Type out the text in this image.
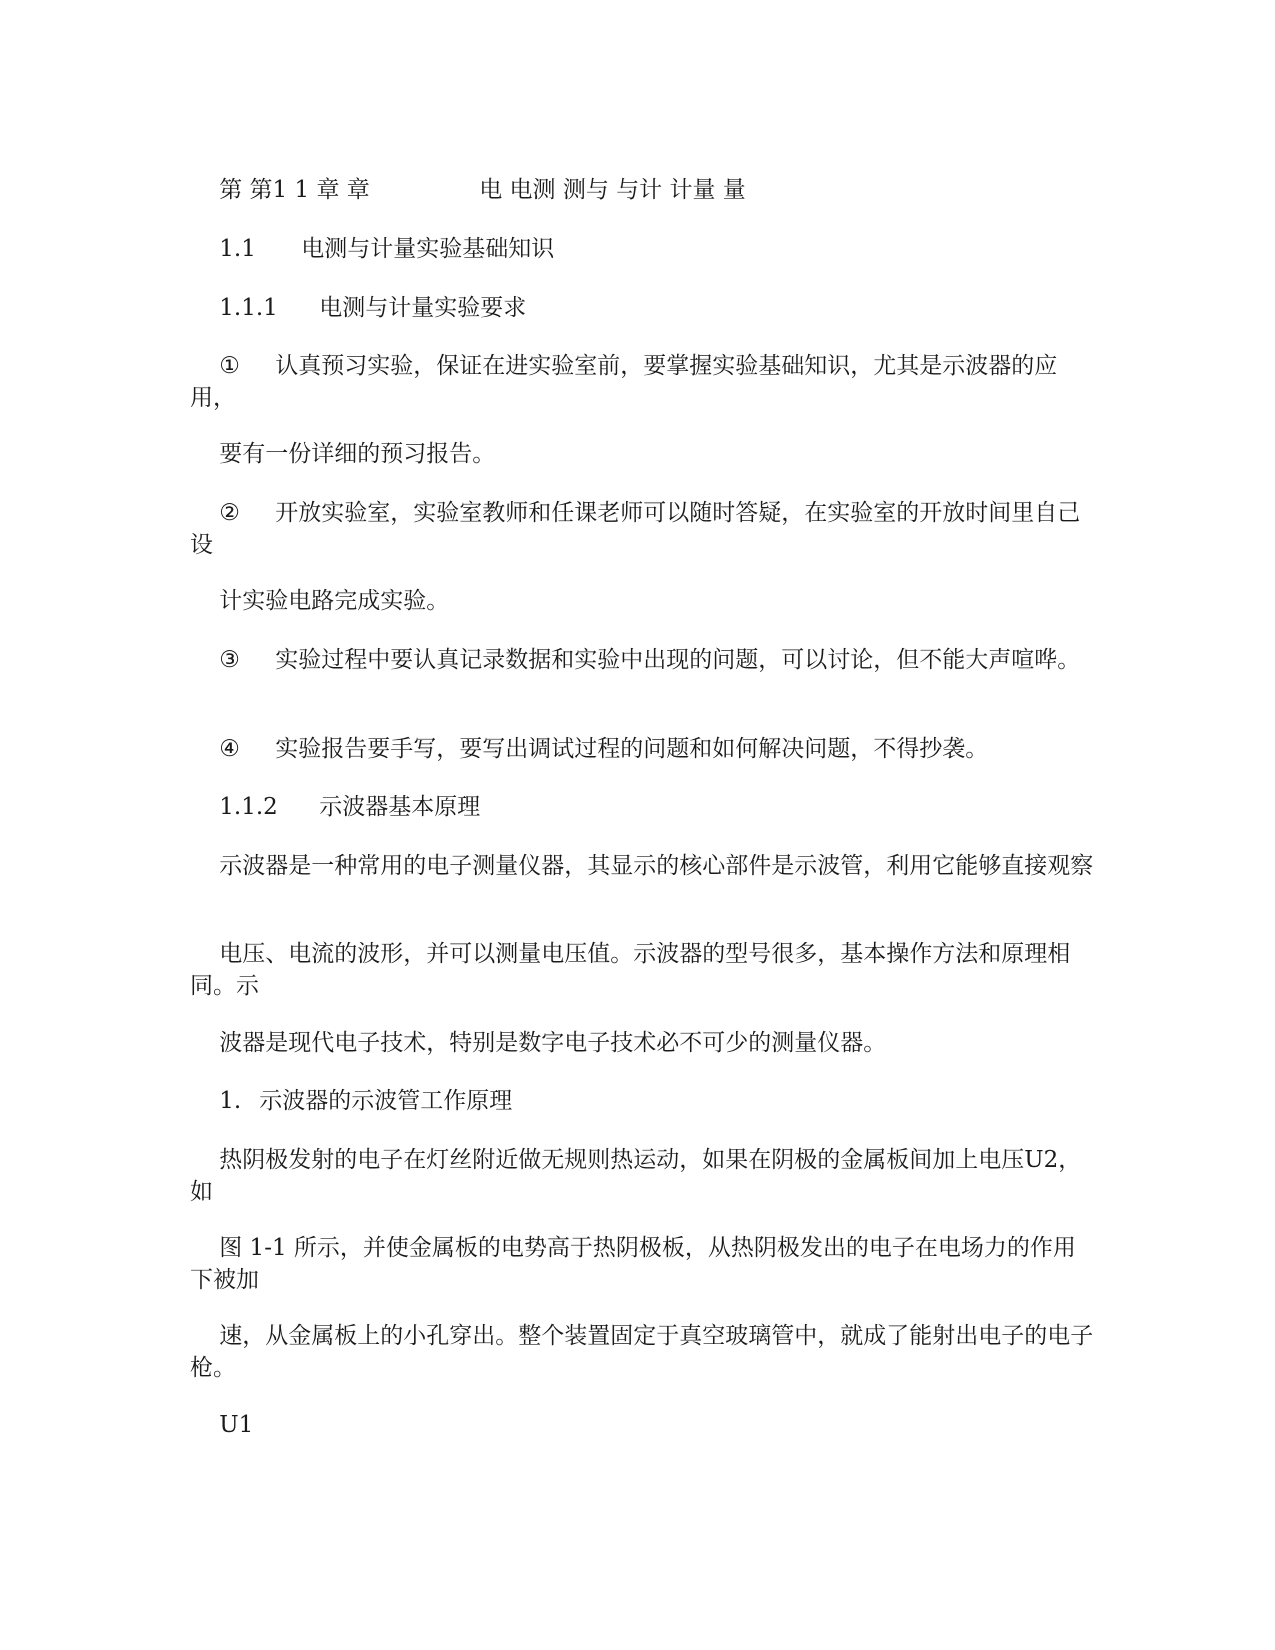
第 第1 1 章 章	电 电测 测与 与计 计量 量

1.1 电测与计量实验基础知识

1.1.1 电测与计量实验要求

① 认真预习实验，保证在进实验室前，要掌握实验基础知识，尤其是示波器的应用，

要有一份详细的预习报告。

② 开放实验室，实验室教师和任课老师可以随时答疑，在实验室的开放时间里自己设

计实验电路完成实验。

③ 实验过程中要认真记录数据和实验中出现的问题，可以讨论，但不能大声喧哗。

④ 实验报告要手写，要写出调试过程的问题和如何解决问题，不得抄袭。

1.1.2 示波器基本原理

示波器是一种常用的电子测量仪器，其显示的核心部件是示波管，利用它能够直接观察

电压、电流的波形，并可以测量电压值。示波器的型号很多，基本操作方法和原理相同。示

波器是现代电子技术，特别是数字电子技术必不可少的测量仪器。

1. 示波器的示波管工作原理

热阴极发射的电子在灯丝附近做无规则热运动，如果在阴极的金属板间加上电压U2，如

图 1-1 所示，并使金属板的电势高于热阴极板，从热阴极发出的电子在电场力的作用下被加

速，从金属板上的小孔穿出。整个装置固定于真空玻璃管中，就成了能射出电子的电子枪。

U1
